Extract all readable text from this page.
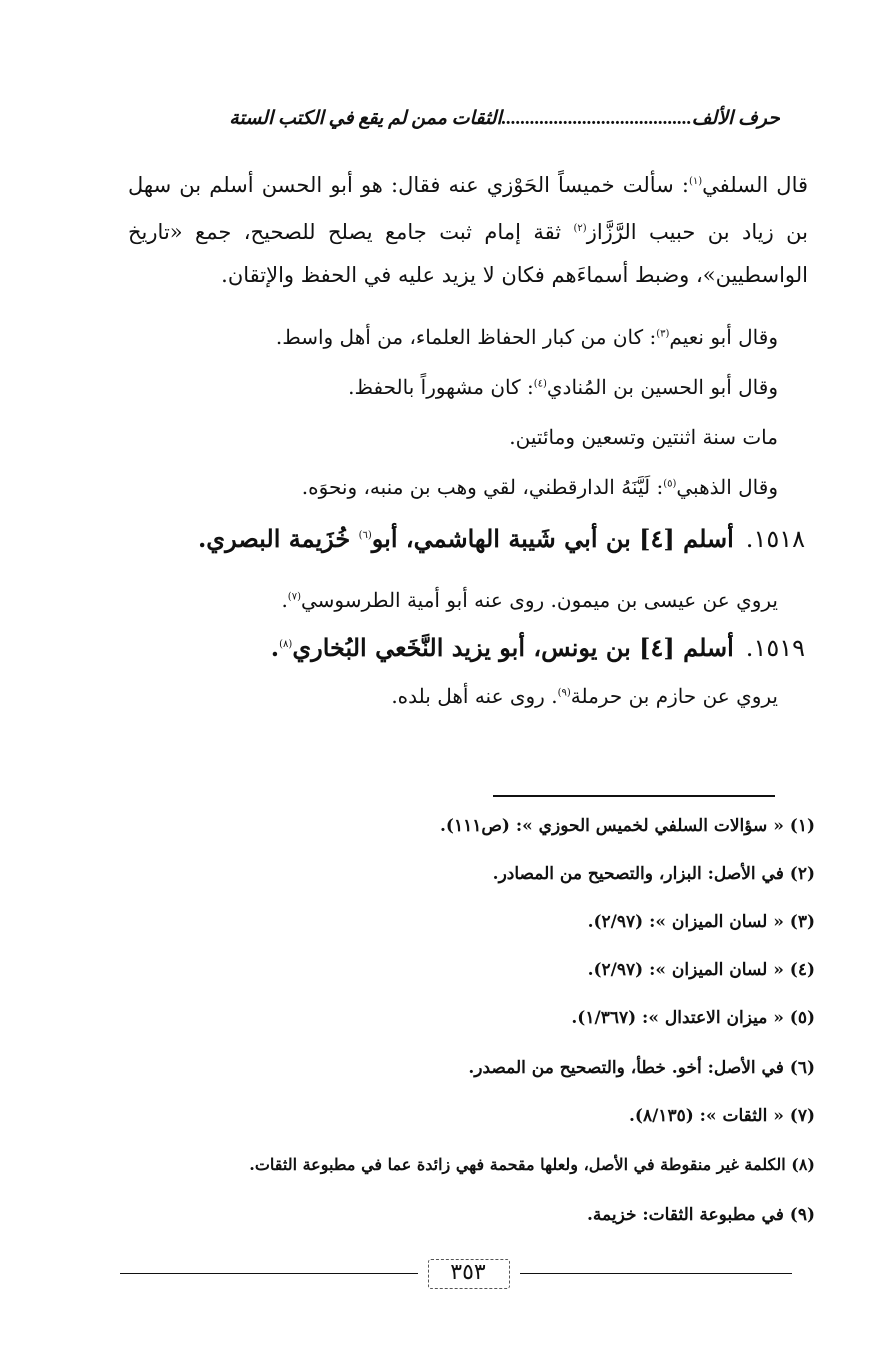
حرف الألف........................................الثقات ممن لم يقع في الكتب الستة
قال السلفي$^{(١)}$: سألت خميساً الحَوْزي عنه فقال: هو أبو الحسن أسلم بن سهل بن زياد بن حبيب الرَّزَّاز$^{(٢)}$ ثقة إمام ثبت جامع يصلح للصحيح، جمع «تاريخ الواسطيين»، وضبط أسماءَهم فكان لا يزيد عليه في الحفظ والإتقان.
وقال أبو نعيم$^{(٣)}$: كان من كبار الحفاظ العلماء، من أهل واسط.
وقال أبو الحسين بن المُنادي$^{(٤)}$: كان مشهوراً بالحفظ.
مات سنة اثنتين وتسعين ومائتين.
وقال الذهبي$^{(٥)}$: لَيَّنَهُ الدارقطني، لقي وهب بن منبه، ونحوَه.
١٥١٨.أسلم [٤] بن أبي شَيبة الهاشمي، أبو$^{(٦)}$ خُزَيمة البصري.
يروي عن عيسى بن ميمون. روى عنه أبو أمية الطرسوسي$^{(٧)}$.
١٥١٩.أسلم [٤] بن يونس، أبو يزيد النَّخَعي البُخاري$^{(٨)}$.
يروي عن حازم بن حرملة$^{(٩)}$. روى عنه أهل بلده.
(١) « سؤالات السلفي لخميس الحوزي »: (ص١١١).
(٢) في الأصل: البزار، والتصحيح من المصادر.
(٣) « لسان الميزان »: (٢/٩٧).
(٤) « لسان الميزان »: (٢/٩٧).
(٥) « ميزان الاعتدال »: (١/٣٦٧).
(٦) في الأصل: أخو. خطأ، والتصحيح من المصدر.
(٧) « الثقات »: (٨/١٣٥).
(٨) الكلمة غير منقوطة في الأصل، ولعلها مقحمة فهي زائدة عما في مطبوعة الثقات.
(٩) في مطبوعة الثقات: خزيمة.
٣٥٣
